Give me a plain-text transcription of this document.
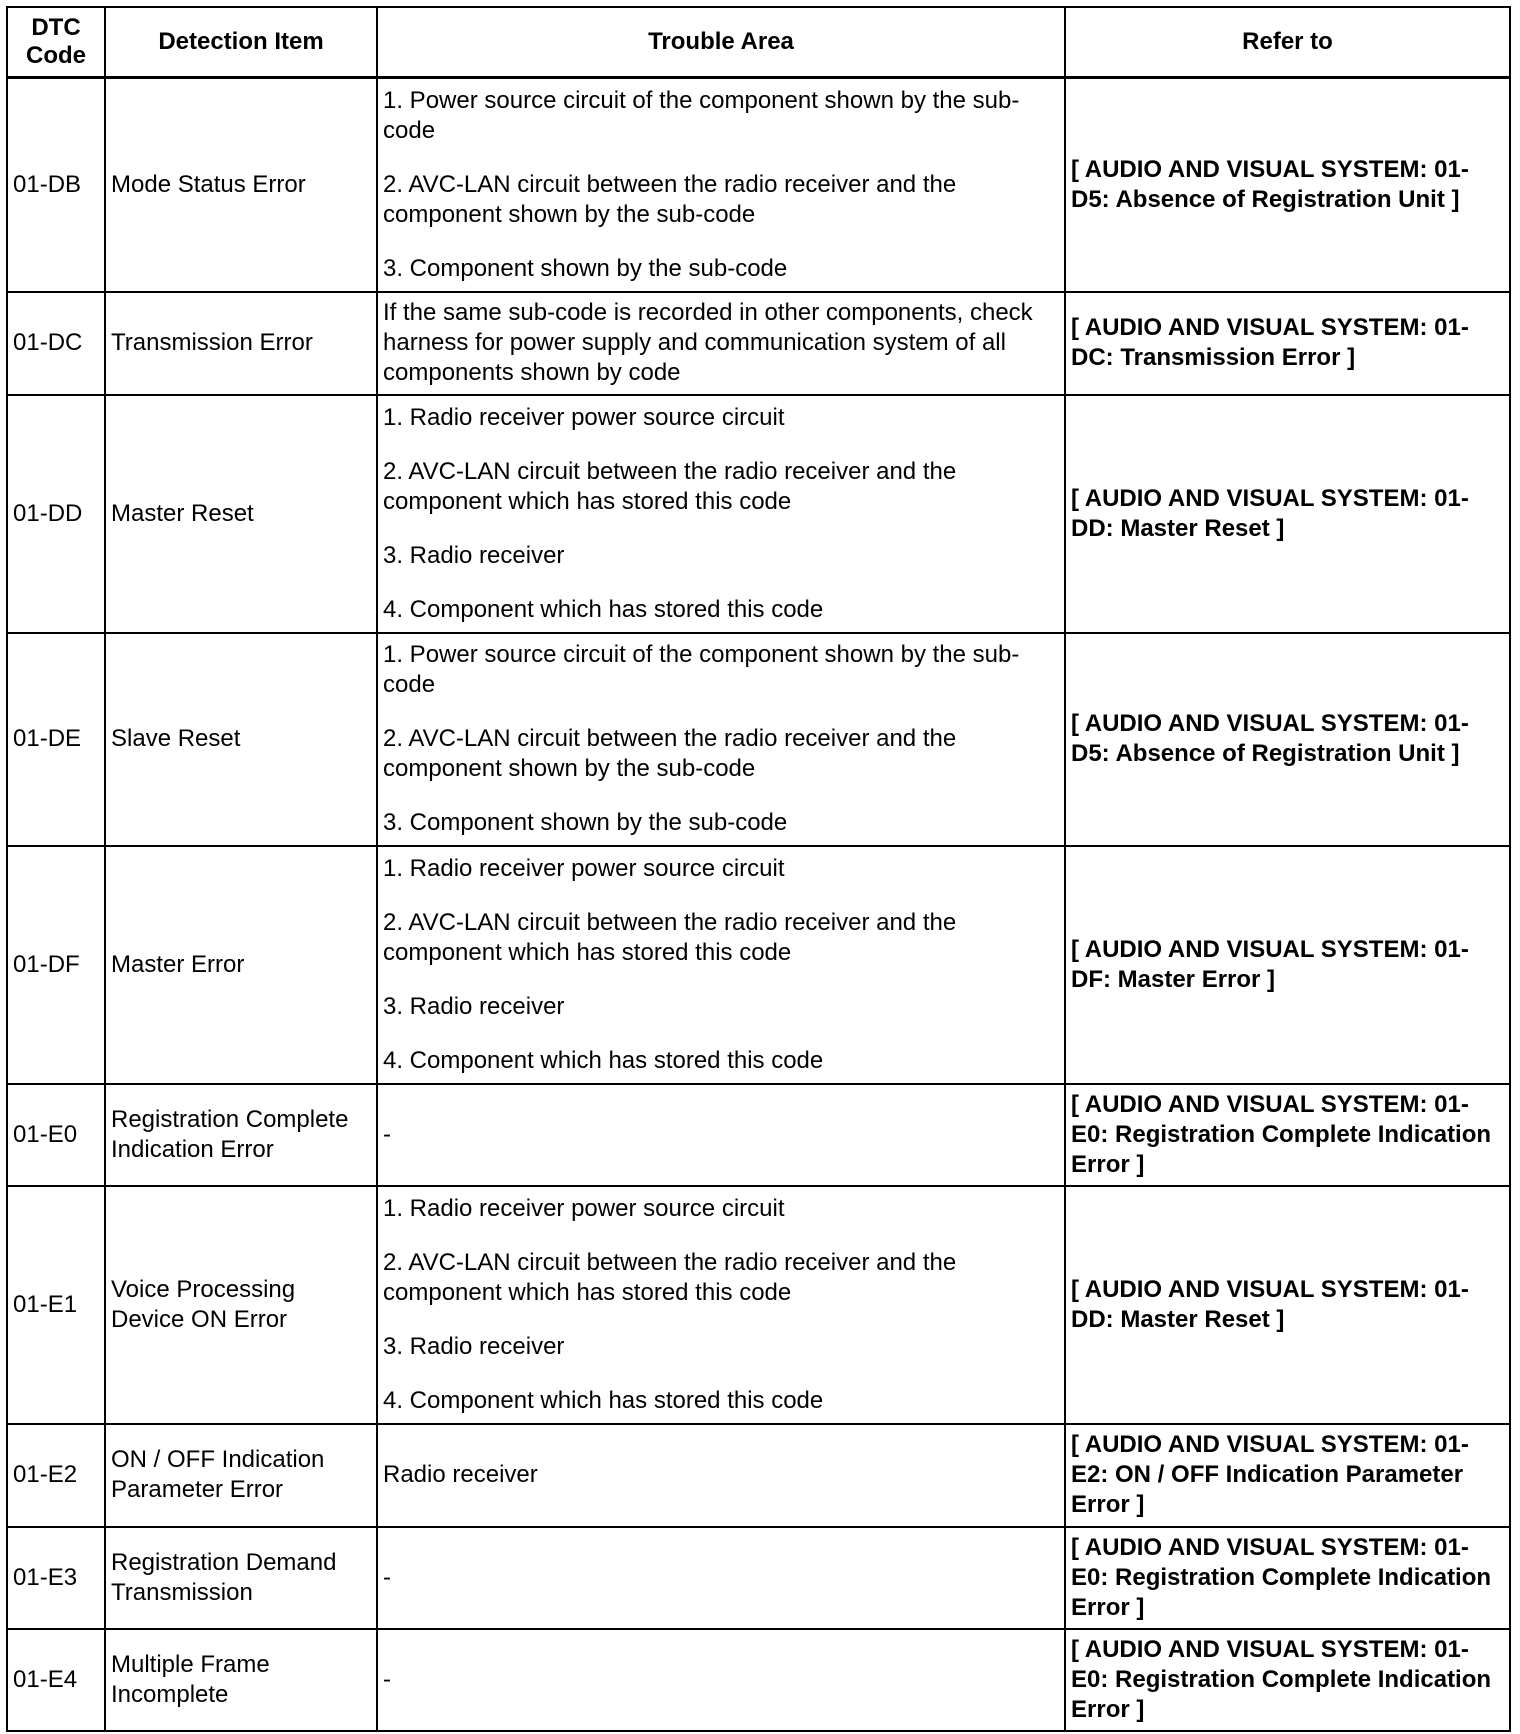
DTC Code	Detection Item	Trouble Area	Refer to
01-DB	Mode Status Error	1. Power source circuit of the component shown by the sub-code

2. AVC-LAN circuit between the radio receiver and the component shown by the sub-code

3. Component shown by the sub-code	[ AUDIO AND VISUAL SYSTEM: 01-D5: Absence of Registration Unit ]
01-DC	Transmission Error	If the same sub-code is recorded in other components, check harness for power supply and communication system of all components shown by code	[ AUDIO AND VISUAL SYSTEM: 01-DC: Transmission Error ]
01-DD	Master Reset	1. Radio receiver power source circuit

2. AVC-LAN circuit between the radio receiver and the component which has stored this code

3. Radio receiver

4. Component which has stored this code	[ AUDIO AND VISUAL SYSTEM: 01-DD: Master Reset ]
01-DE	Slave Reset	1. Power source circuit of the component shown by the sub-code

2. AVC-LAN circuit between the radio receiver and the component shown by the sub-code

3. Component shown by the sub-code	[ AUDIO AND VISUAL SYSTEM: 01-D5: Absence of Registration Unit ]
01-DF	Master Error	1. Radio receiver power source circuit

2. AVC-LAN circuit between the radio receiver and the component which has stored this code

3. Radio receiver

4. Component which has stored this code	[ AUDIO AND VISUAL SYSTEM: 01-DF: Master Error ]
01-E0	Registration Complete Indication Error	-	[ AUDIO AND VISUAL SYSTEM: 01-E0: Registration Complete Indication Error ]
01-E1	Voice Processing Device ON Error	1. Radio receiver power source circuit

2. AVC-LAN circuit between the radio receiver and the component which has stored this code

3. Radio receiver

4. Component which has stored this code	[ AUDIO AND VISUAL SYSTEM: 01-DD: Master Reset ]
01-E2	ON / OFF Indication Parameter Error	Radio receiver	[ AUDIO AND VISUAL SYSTEM: 01-E2: ON / OFF Indication Parameter Error ]
01-E3	Registration Demand Transmission	-	[ AUDIO AND VISUAL SYSTEM: 01-E0: Registration Complete Indication Error ]
01-E4	Multiple Frame Incomplete	-	[ AUDIO AND VISUAL SYSTEM: 01-E0: Registration Complete Indication Error ]
